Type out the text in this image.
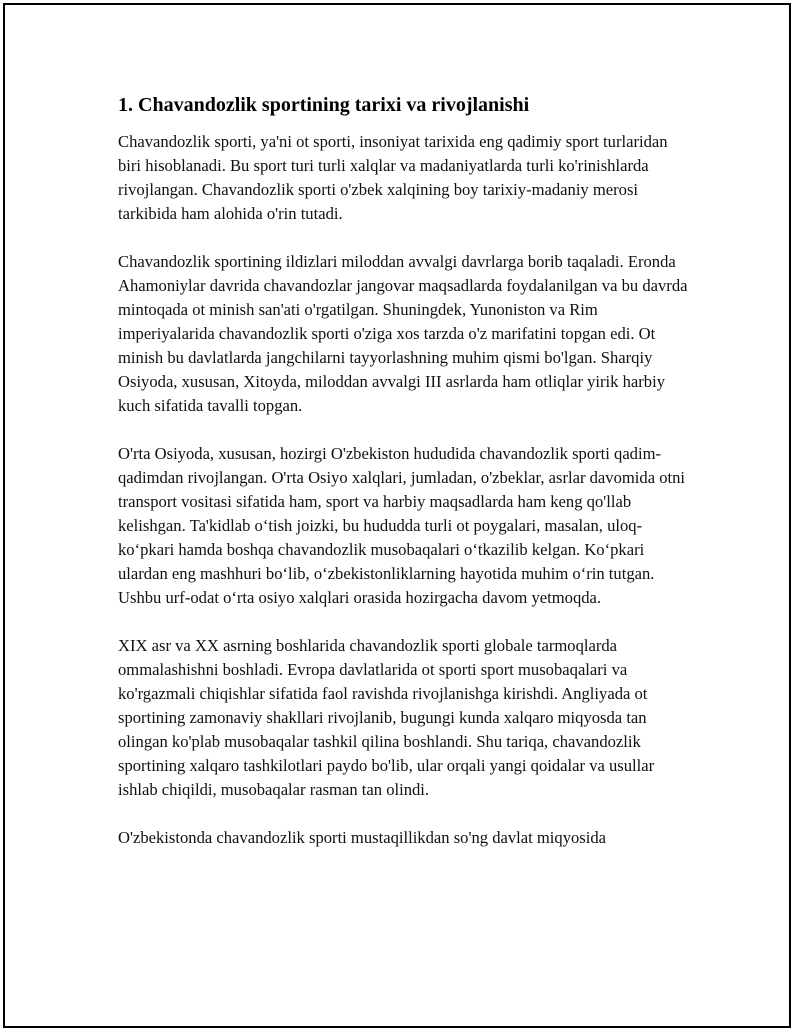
1. Chavandozlik sportining tarixi va rivojlanishi

Chavandozlik sporti, ya'ni ot sporti, insoniyat tarixida eng qadimiy sport turlaridan biri hisoblanadi. Bu sport turi turli xalqlar va madaniyatlarda turli ko'rinishlarda rivojlangan. Chavandozlik sporti o'zbek xalqining boy tarixiy-madaniy merosi tarkibida ham alohida o'rin tutadi.

Chavandozlik sportining ildizlari miloddan avvalgi davrlarga borib taqaladi. Eronda Ahamoniylar davrida chavandozlar jangovar maqsadlarda foydalanilgan va bu davrda mintoqada ot minish san'ati o'rgatilgan. Shuningdek, Yunoniston va Rim imperiyalarida chavandozlik sporti o'ziga xos tarzda o'z marifatini topgan edi. Ot minish bu davlatlarda jangchilarni tayyorlashning muhim qismi bo'lgan. Sharqiy Osiyoda, xususan, Xitoyda, miloddan avvalgi III asrlarda ham otliqlar yirik harbiy kuch sifatida tavalli topgan.

O'rta Osiyoda, xususan, hozirgi O'zbekiston hududida chavandozlik sporti qadim-qadimdan rivojlangan. O'rta Osiyo xalqlari, jumladan, o'zbeklar, asrlar davomida otni transport vositasi sifatida ham, sport va harbiy maqsadlarda ham keng qo'llab kelishgan. Ta'kidlab o‘tish joizki, bu hududda turli ot poygalari, masalan, uloq-ko‘pkari hamda boshqa chavandozlik musobaqalari o‘tkazilib kelgan. Ko‘pkari ulardan eng mashhuri bo‘lib, o‘zbekistonliklarning hayotida muhim o‘rin tutgan. Ushbu urf-odat o‘rta osiyo xalqlari orasida hozirgacha davom yetmoqda.

XIX asr va XX asrning boshlarida chavandozlik sporti globale tarmoqlarda ommalashishni boshladi. Evropa davlatlarida ot sporti sport musobaqalari va ko'rgazmali chiqishlar sifatida faol ravishda rivojlanishga kirishdi. Angliyada ot sportining zamonaviy shakllari rivojlanib, bugungi kunda xalqaro miqyosda tan olingan ko'plab musobaqalar tashkil qilina boshlandi. Shu tariqa, chavandozlik sportining xalqaro tashkilotlari paydo bo'lib, ular orqali yangi qoidalar va usullar ishlab chiqildi, musobaqalar rasman tan olindi.

O'zbekistonda chavandozlik sporti mustaqillikdan so'ng davlat miqyosida
